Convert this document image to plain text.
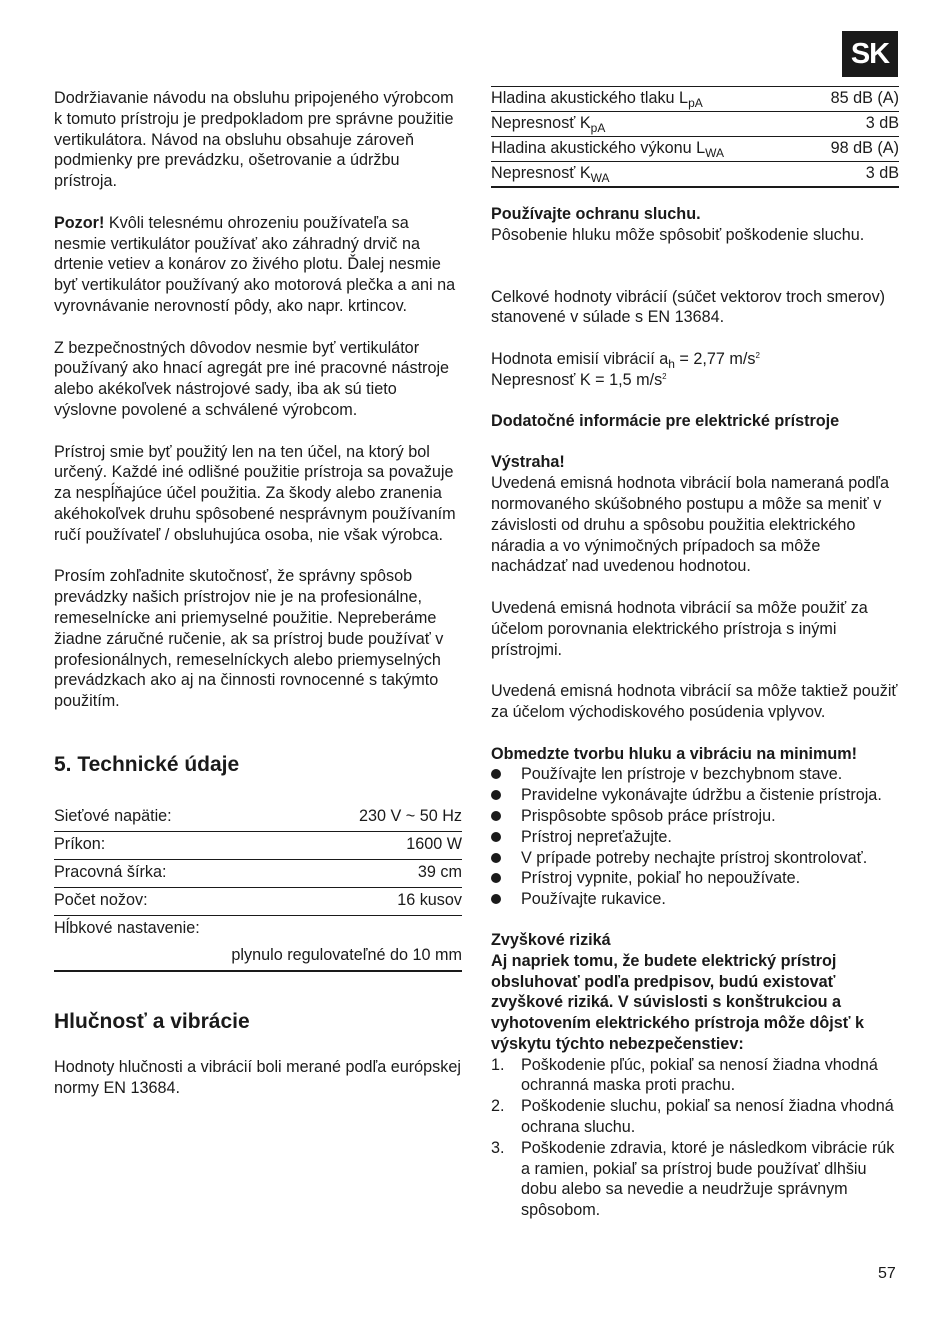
SK

Dodržiavanie návodu na obsluhu pripojeného výrobcom k tomuto prístroju je predpokladom pre správne použitie vertikulátora. Návod na obsluhu obsahuje zároveň podmienky pre prevádzku, ošetrovanie a údržbu prístroja.

Pozor! Kvôli telesnému ohrozeniu používateľa sa nesmie vertikulátor používať ako záhradný drvič na drtenie vetiev a konárov zo živého plotu. Ďalej nesmie byť vertikulátor používaný ako motorová plečka a ani na vyrovnávanie nerovností pôdy, ako napr. krtincov.

Z bezpečnostných dôvodov nesmie byť vertikulátor používaný ako hnací agregát pre iné pracovné nástroje alebo akékoľvek nástrojové sady, iba ak sú tieto výslovne povolené a schválené výrobcom.

Prístroj smie byť použitý len na ten účel, na ktorý bol určený. Každé iné odlišné použitie prístroja sa považuje za nespĺňajúce účel použitia. Za škody alebo zranenia akéhokoľvek druhu spôsobené nesprávnym používaním ručí používateľ / obsluhujúca osoba, nie však výrobca.

Prosím zohľadnite skutočnosť, že správny spôsob prevádzky našich prístrojov nie je na profesionálne, remeselnícke ani priemyselné použitie. Nepreberáme žiadne záručné ručenie, ak sa prístroj bude používať v profesionálnych, remeselníckych alebo priemyselných prevádzkach ako aj na činnosti rovnocenné s takýmto použitím.

5. Technické údaje
Sieťové napätie:	230 V ~ 50 Hz
Príkon:	1600 W
Pracovná šírka:	39 cm
Počet nožov:	16 kusov
Hĺbkové nastavenie:
plynulo regulovateľné do 10 mm
Hlučnosť a vibrácie

Hodnoty hlučnosti a vibrácií boli merané podľa európskej normy EN 13684.

Hladina akustického tlaku $L_{pA}$	85 dB (A)
Nepresnosť $K_{pA}$	3 dB
Hladina akustického výkonu $L_{WA}$	98 dB (A)
Nepresnosť $K_{WA}$	3 dB

Používajte ochranu sluchu.

Pôsobenie hluku môže spôsobiť poškodenie sluchu.

Celkové hodnoty vibrácií (súčet vektorov troch smerov) stanovené v súlade s EN 13684.

Hodnota emisií vibrácií $a_h = 2,77$ $m/s^2$

Nepresnosť K = 1,5 $m/s^2$

Dodatočné informácie pre elektrické prístroje

Výstraha!

Uvedená emisná hodnota vibrácií bola nameraná podľa normovaného skúšobného postupu a môže sa meniť v závislosti od druhu a spôsobu použitia elektrického náradia a vo výnimočných prípadoch sa môže nachádzať nad uvedenou hodnotou.

Uvedená emisná hodnota vibrácií sa môže použiť za účelom porovnania elektrického prístroja s inými prístrojmi.

Uvedená emisná hodnota vibrácií sa môže taktiež použiť za účelom východiskového posúdenia vplyvov.

Obmedzte tvorbu hluku a vibráciu na minimum!

Používajte len prístroje v bezchybnom stave.
Pravidelne vykonávajte údržbu a čistenie prístroja.
Prispôsobte spôsob práce prístroju.
Prístroj nepreťažujte.
V prípade potreby nechajte prístroj skontrolovať.
Prístroj vypnite, pokiaľ ho nepoužívate.
Používajte rukavice.

Zvyškové riziká

Aj napriek tomu, že budete elektrický prístroj obsluhovať podľa predpisov, budú existovať zvyškové riziká. V súvislosti s konštrukciou a vyhotovením elektrického prístroja môže dôjsť k výskytu týchto nebezpečenstiev:

1. Poškodenie pľúc, pokiaľ sa nenosí žiadna vhodná ochranná maska proti prachu.
2. Poškodenie sluchu, pokiaľ sa nenosí žiadna vhodná ochrana sluchu.
3. Poškodenie zdravia, ktoré je následkom vibrácie rúk a ramien, pokiaľ sa prístroj bude používať dlhšiu dobu alebo sa nevedie a neudržuje správnym spôsobom.
57
